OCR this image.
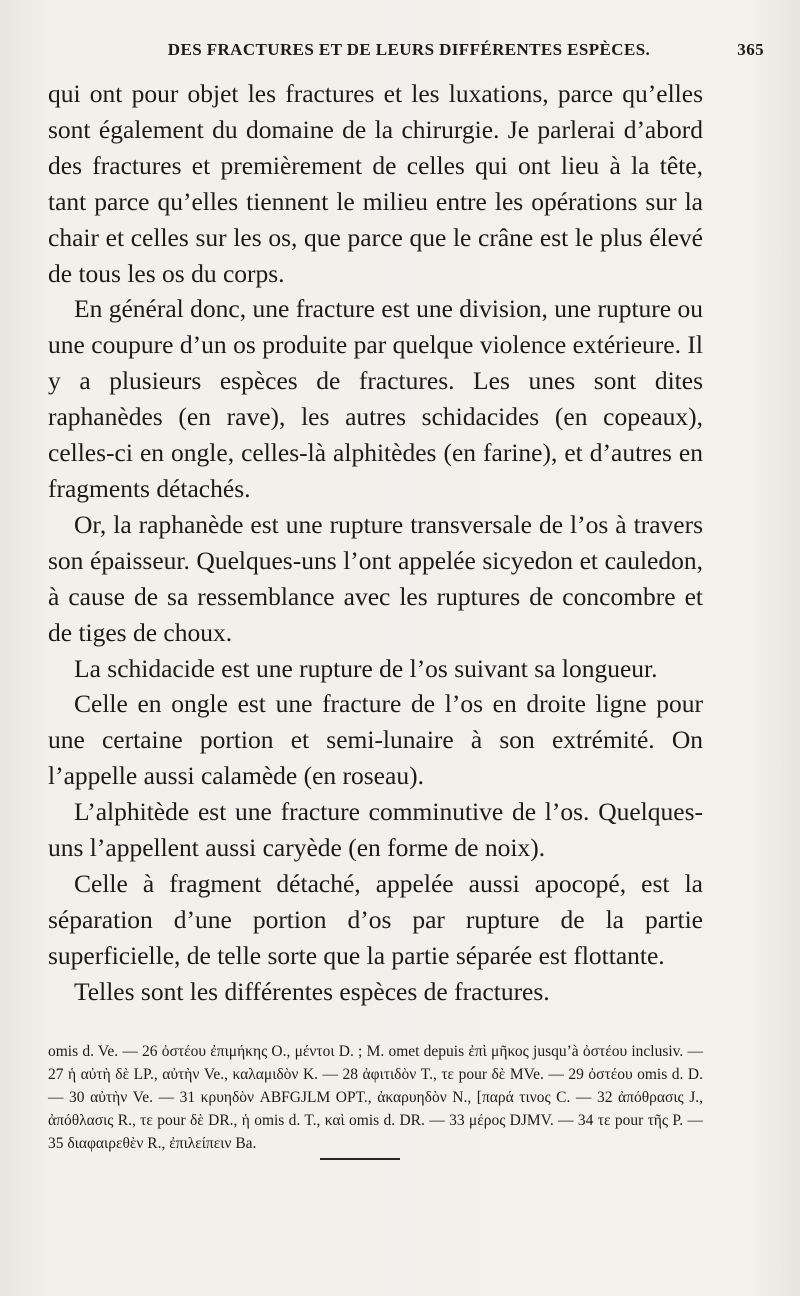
DES FRACTURES ET DE LEURS DIFFÉRENTES ESPÈCES.	365

qui ont pour objet les fractures et les luxations, parce qu’elles sont également du domaine de la chirurgie. Je parlerai d’abord des fractures et premièrement de celles qui ont lieu à la tête, tant parce qu’elles tiennent le milieu entre les opérations sur la chair et celles sur les os, que parce que le crâne est le plus élevé de tous les os du corps.

En général donc, une fracture est une division, une rupture ou une coupure d’un os produite par quelque violence extérieure. Il y a plusieurs espèces de fractures. Les unes sont dites raphanèdes (en rave), les autres schidacides (en copeaux), celles-ci en ongle, celles-là alphitèdes (en farine), et d’autres en fragments détachés.

Or, la raphanède est une rupture transversale de l’os à travers son épaisseur. Quelques-uns l’ont appelée sicyedon et cauledon, à cause de sa ressemblance avec les ruptures de concombre et de tiges de choux.

La schidacide est une rupture de l’os suivant sa longueur.

Celle en ongle est une fracture de l’os en droite ligne pour une certaine portion et semi-lunaire à son extrémité. On l’appelle aussi calamède (en roseau).

L’alphitède est une fracture comminutive de l’os. Quelques-uns l’appellent aussi caryède (en forme de noix).

Celle à fragment détaché, appelée aussi apocopé, est la séparation d’une portion d’os par rupture de la partie superficielle, de telle sorte que la partie séparée est flottante.

Telles sont les différentes espèces de fractures.

omis d. Ve. — 26 ὀστέου ἐπιμήκης O., μέντοι D. ; M. omet depuis ἐπὶ μῆκος jusqu’à ὀστέου inclusiv. — 27 ἡ αὐτὴ δὲ LP., αὐτὴν Ve., καλαμιδὸν K. — 28 ἀφιτιδὸν T., τε pour δὲ MVe. — 29 ὀστέου omis d. D. — 30 αὐτὴν Ve. — 31 κρυηδὸν ABFGJLM OPT., ἀκαρυηδὸν N., [παρά τινος C. — 32 ἀπόθρασις J., ἀπόθλασις R., τε pour δὲ DR., ἡ omis d. T., καὶ omis d. DR. — 33 μέρος DJMV. — 34 τε pour τῆς P. — 35 διαφαιρεθὲν R., ἐπιλείπειν Ba.
